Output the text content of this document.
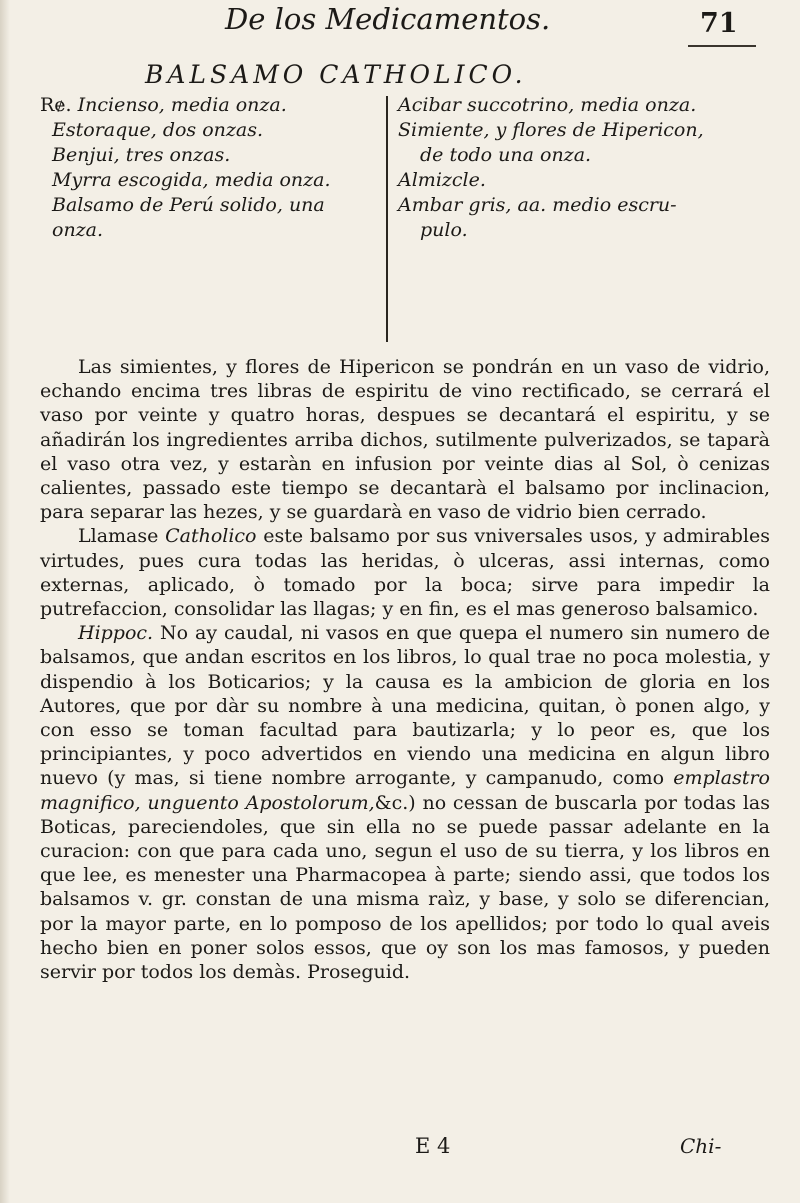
De los Medicamentos.	71
BALSAMO CATHOLICO.
Rɇ. Incienso, media onza.
Estoraque, dos onzas.
Benjui, tres onzas.
Myrra escogida, media onza.
Balsamo de Perú solido, una
onza.
Acibar succotrino, media onza.
Simiente, y flores de Hipericon,
de todo una onza.
Almizcle.
Ambar gris, aa. medio escru-
pulo.

Las simientes, y flores de Hipericon se pondrán en un vaso de vidrio, echando encima tres libras de espiritu de vino rectificado, se cerrará el vaso por veinte y quatro horas, despues se decantará el espiritu, y se añadirán los ingredientes arriba dichos, sutilmente pulverizados, se taparà el vaso otra vez, y estaràn en infusion por veinte dias al Sol, ò cenizas calientes, passado este tiempo se decantarà el balsamo por inclinacion, para separar las hezes, y se guardarà en vaso de vidrio bien cerrado.

Llamase Catholico este balsamo por sus vniversales usos, y admirables virtudes, pues cura todas las heridas, ò ulceras, assi internas, como externas, aplicado, ò tomado por la boca; sirve para impedir la putrefaccion, consolidar las llagas; y en fin, es el mas generoso balsamico.

Hippoc. No ay caudal, ni vasos en que quepa el numero sin numero de balsamos, que andan escritos en los libros, lo qual trae no poca molestia, y dispendio à los Boticarios; y la causa es la ambicion de gloria en los Autores, que por dàr su nombre à una medicina, quitan, ò ponen algo, y con esso se toman facultad para bautizarla; y lo peor es, que los principiantes, y poco advertidos en viendo una medicina en algun libro nuevo (y mas, si tiene nombre arrogante, y campanudo, como emplastro magnifico, unguento Apostolorum,&c.) no cessan de buscarla por todas las Boticas, pareciendoles, que sin ella no se puede passar adelante en la curacion: con que para cada uno, segun el uso de su tierra, y los libros en que lee, es menester una Pharmacopea à parte; siendo assi, que todos los balsamos v. gr. constan de una misma raìz, y base, y solo se diferencian, por la mayor parte, en lo pomposo de los apellidos; por todo lo qual aveis hecho bien en poner solos essos, que oy son los mas famosos, y pueden servir por todos los demàs. Proseguid.

E 4	Chi-
